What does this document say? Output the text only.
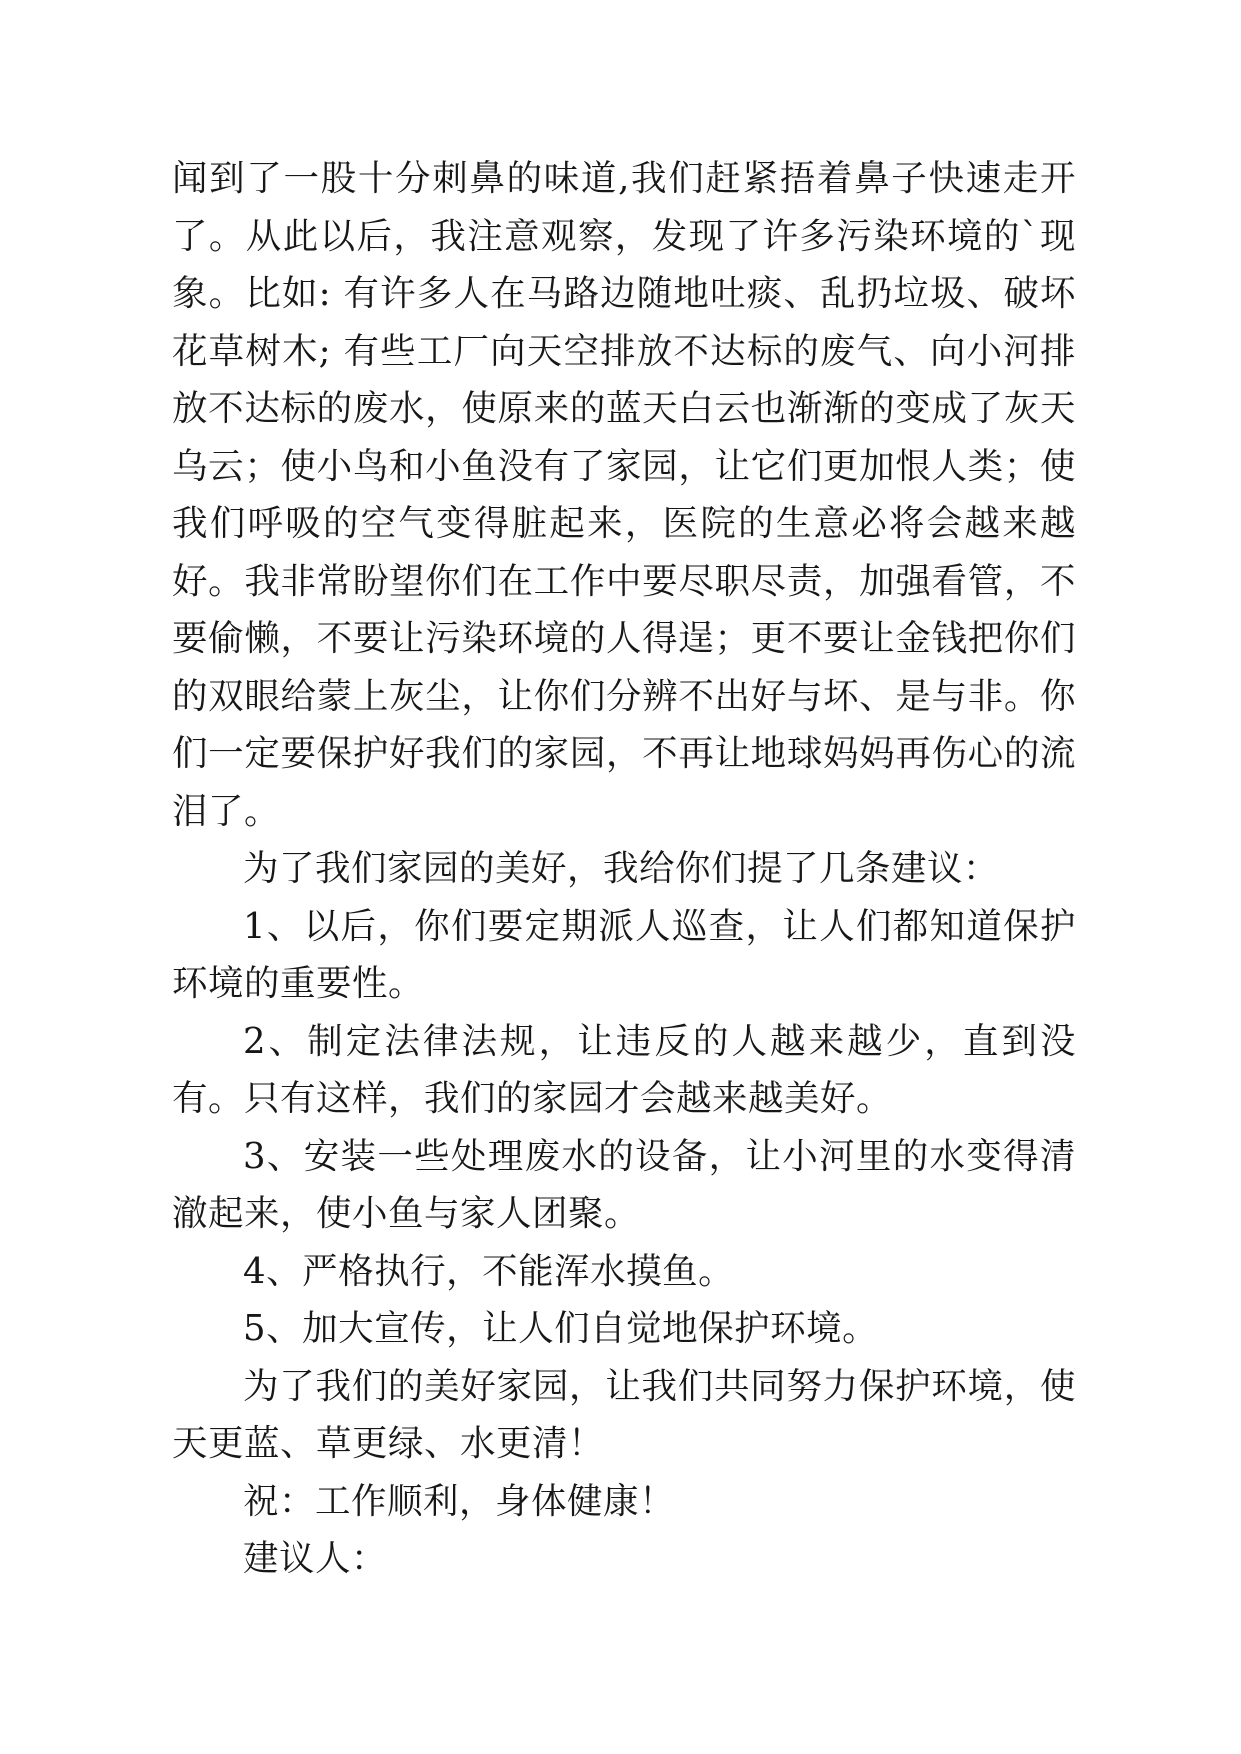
闻到了一股十分刺鼻的味道,我们赶紧捂着鼻子快速走开了。从此以后，我注意观察，发现了许多污染环境的`现象。比如: 有许多人在马路边随地吐痰、乱扔垃圾、破坏花草树木; 有些工厂向天空排放不达标的废气、向小河排放不达标的废水，使原来的蓝天白云也渐渐的变成了灰天乌云；使小鸟和小鱼没有了家园，让它们更加恨人类；使我们呼吸的空气变得脏起来，医院的生意必将会越来越好。我非常盼望你们在工作中要尽职尽责，加强看管，不要偷懒，不要让污染环境的人得逞；更不要让金钱把你们的双眼给蒙上灰尘，让你们分辨不出好与坏、是与非。你们一定要保护好我们的家园，不再让地球妈妈再伤心的流泪了。

为了我们家园的美好，我给你们提了几条建议：

1、以后，你们要定期派人巡查，让人们都知道保护环境的重要性。

2、制定法律法规，让违反的人越来越少，直到没有。只有这样，我们的家园才会越来越美好。

3、安装一些处理废水的设备，让小河里的水变得清澈起来，使小鱼与家人团聚。

4、严格执行，不能浑水摸鱼。

5、加大宣传，让人们自觉地保护环境。

为了我们的美好家园，让我们共同努力保护环境，使天更蓝、草更绿、水更清！

祝：工作顺利，身体健康！

建议人：
